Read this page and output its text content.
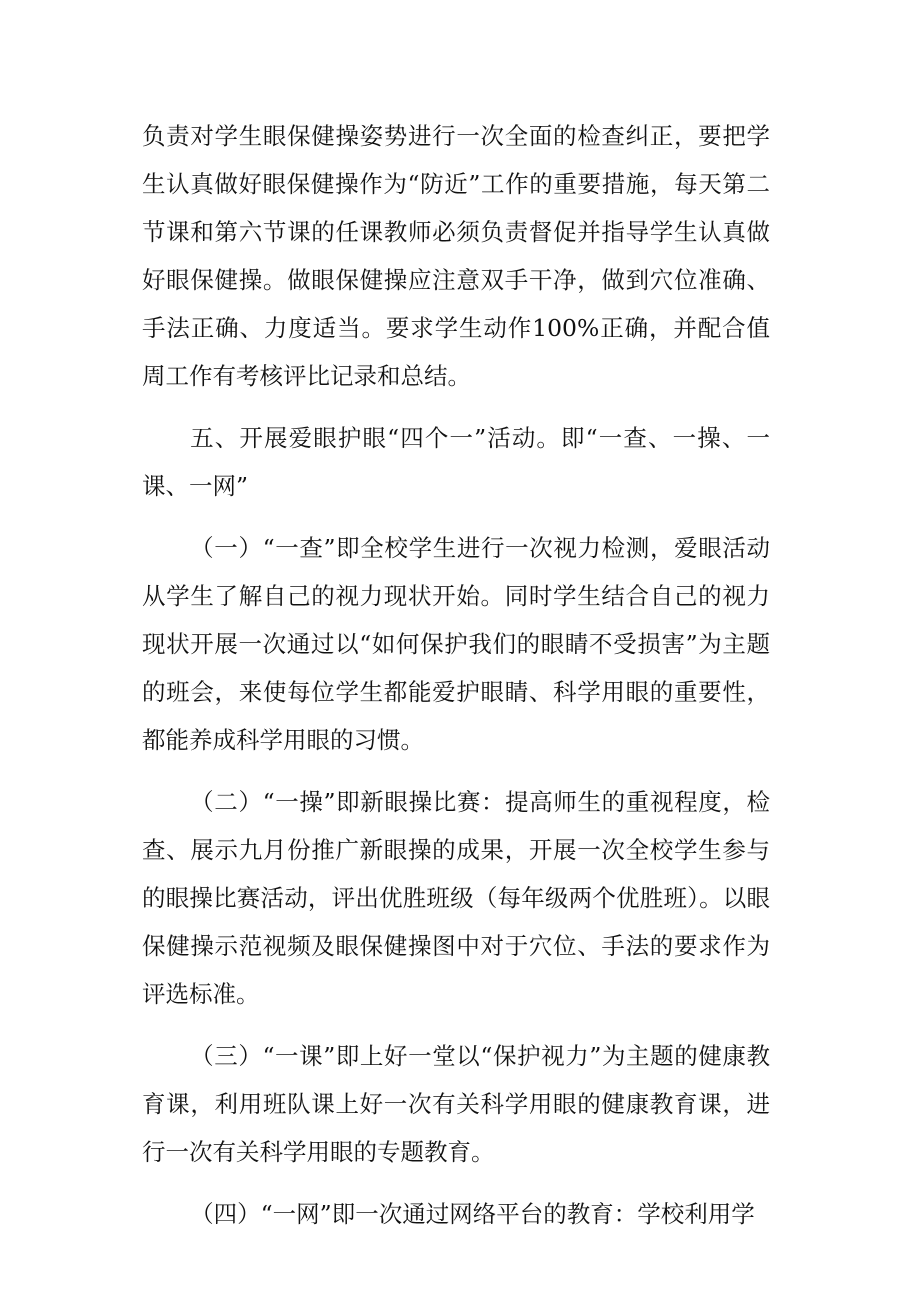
负责对学生眼保健操姿势进行一次全面的检查纠正，要把学生认真做好眼保健操作为“防近”工作的重要措施，每天第二节课和第六节课的任课教师必须负责督促并指导学生认真做好眼保健操。做眼保健操应注意双手干净，做到穴位准确、手法正确、力度适当。要求学生动作100%正确，并配合值周工作有考核评比记录和总结。

五、开展爱眼护眼“四个一”活动。即“一查、一操、一课、一网”

（一）“一查”即全校学生进行一次视力检测，爱眼活动从学生了解自己的视力现状开始。同时学生结合自己的视力现状开展一次通过以“如何保护我们的眼睛不受损害”为主题的班会，来使每位学生都能爱护眼睛、科学用眼的重要性，都能养成科学用眼的习惯。

（二）“一操”即新眼操比赛：提高师生的重视程度，检查、展示九月份推广新眼操的成果，开展一次全校学生参与的眼操比赛活动，评出优胜班级（每年级两个优胜班）。以眼保健操示范视频及眼保健操图中对于穴位、手法的要求作为评选标准。

（三）“一课”即上好一堂以“保护视力”为主题的健康教育课，利用班队课上好一次有关科学用眼的健康教育课，进行一次有关科学用眼的专题教育。

（四）“一网”即一次通过网络平台的教育：学校利用学
